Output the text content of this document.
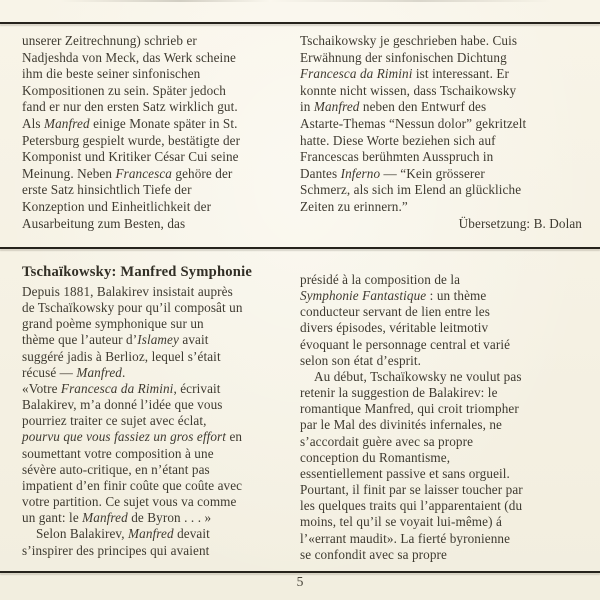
unserer Zeitrechnung) schrieb er
Nadjeshda von Meck, das Werk scheine
ihm die beste seiner sinfonischen
Kompositionen zu sein. Später jedoch
fand er nur den ersten Satz wirklich gut.
Als Manfred einige Monate später in St.
Petersburg gespielt wurde, bestätigte der
Komponist und Kritiker César Cui seine
Meinung. Neben Francesca gehöre der
erste Satz hinsichtlich Tiefe der
Konzeption und Einheitlichkeit der
Ausarbeitung zum Besten, das
Tschaikowsky je geschrieben habe. Cuis
Erwähnung der sinfonischen Dichtung
Francesca da Rimini ist interessant. Er
konnte nicht wissen, dass Tschaikowsky
in Manfred neben den Entwurf des
Astarte-Themas “Nessun dolor” gekritzelt
hatte. Diese Worte beziehen sich auf
Francescas berühmten Ausspruch in
Dantes Inferno — “Kein grösserer
Schmerz, als sich im Elend an glückliche
Zeiten zu erinnern.”
Übersetzung: B. Dolan
Tschaïkowsky: Manfred Symphonie
Depuis 1881, Balakirev insistait auprès
de Tschaïkowsky pour qu’il composât un
grand poème symphonique sur un
thème que l’auteur d’Islamey avait
suggéré jadis à Berlioz, lequel s’était
récusé — Manfred.
«Votre Francesca da Rimini, écrivait
Balakirev, m’a donné l’idée que vous
pourriez traiter ce sujet avec éclat,
pourvu que vous fassiez un gros effort en
soumettant votre composition à une
sévère auto-critique, en n’étant pas
impatient d’en finir coûte que coûte avec
votre partition. Ce sujet vous va comme
un gant: le Manfred de Byron . . . »
Selon Balakirev, Manfred devait
s’inspirer des principes qui avaient
présidé à la composition de la
Symphonie Fantastique : un thème
conducteur servant de lien entre les
divers épisodes, véritable leitmotiv
évoquant le personnage central et varié
selon son état d’esprit.
Au début, Tschaïkowsky ne voulut pas
retenir la suggestion de Balakirev: le
romantique Manfred, qui croit triompher
par le Mal des divinités infernales, ne
s’accordait guère avec sa propre
conception du Romantisme,
essentiellement passive et sans orgueil.
Pourtant, il finit par se laisser toucher par
les quelques traits qui l’apparentaient (du
moins, tel qu’il se voyait lui-même) á
l’«errant maudit». La fierté byronienne
se confondit avec sa propre
5
